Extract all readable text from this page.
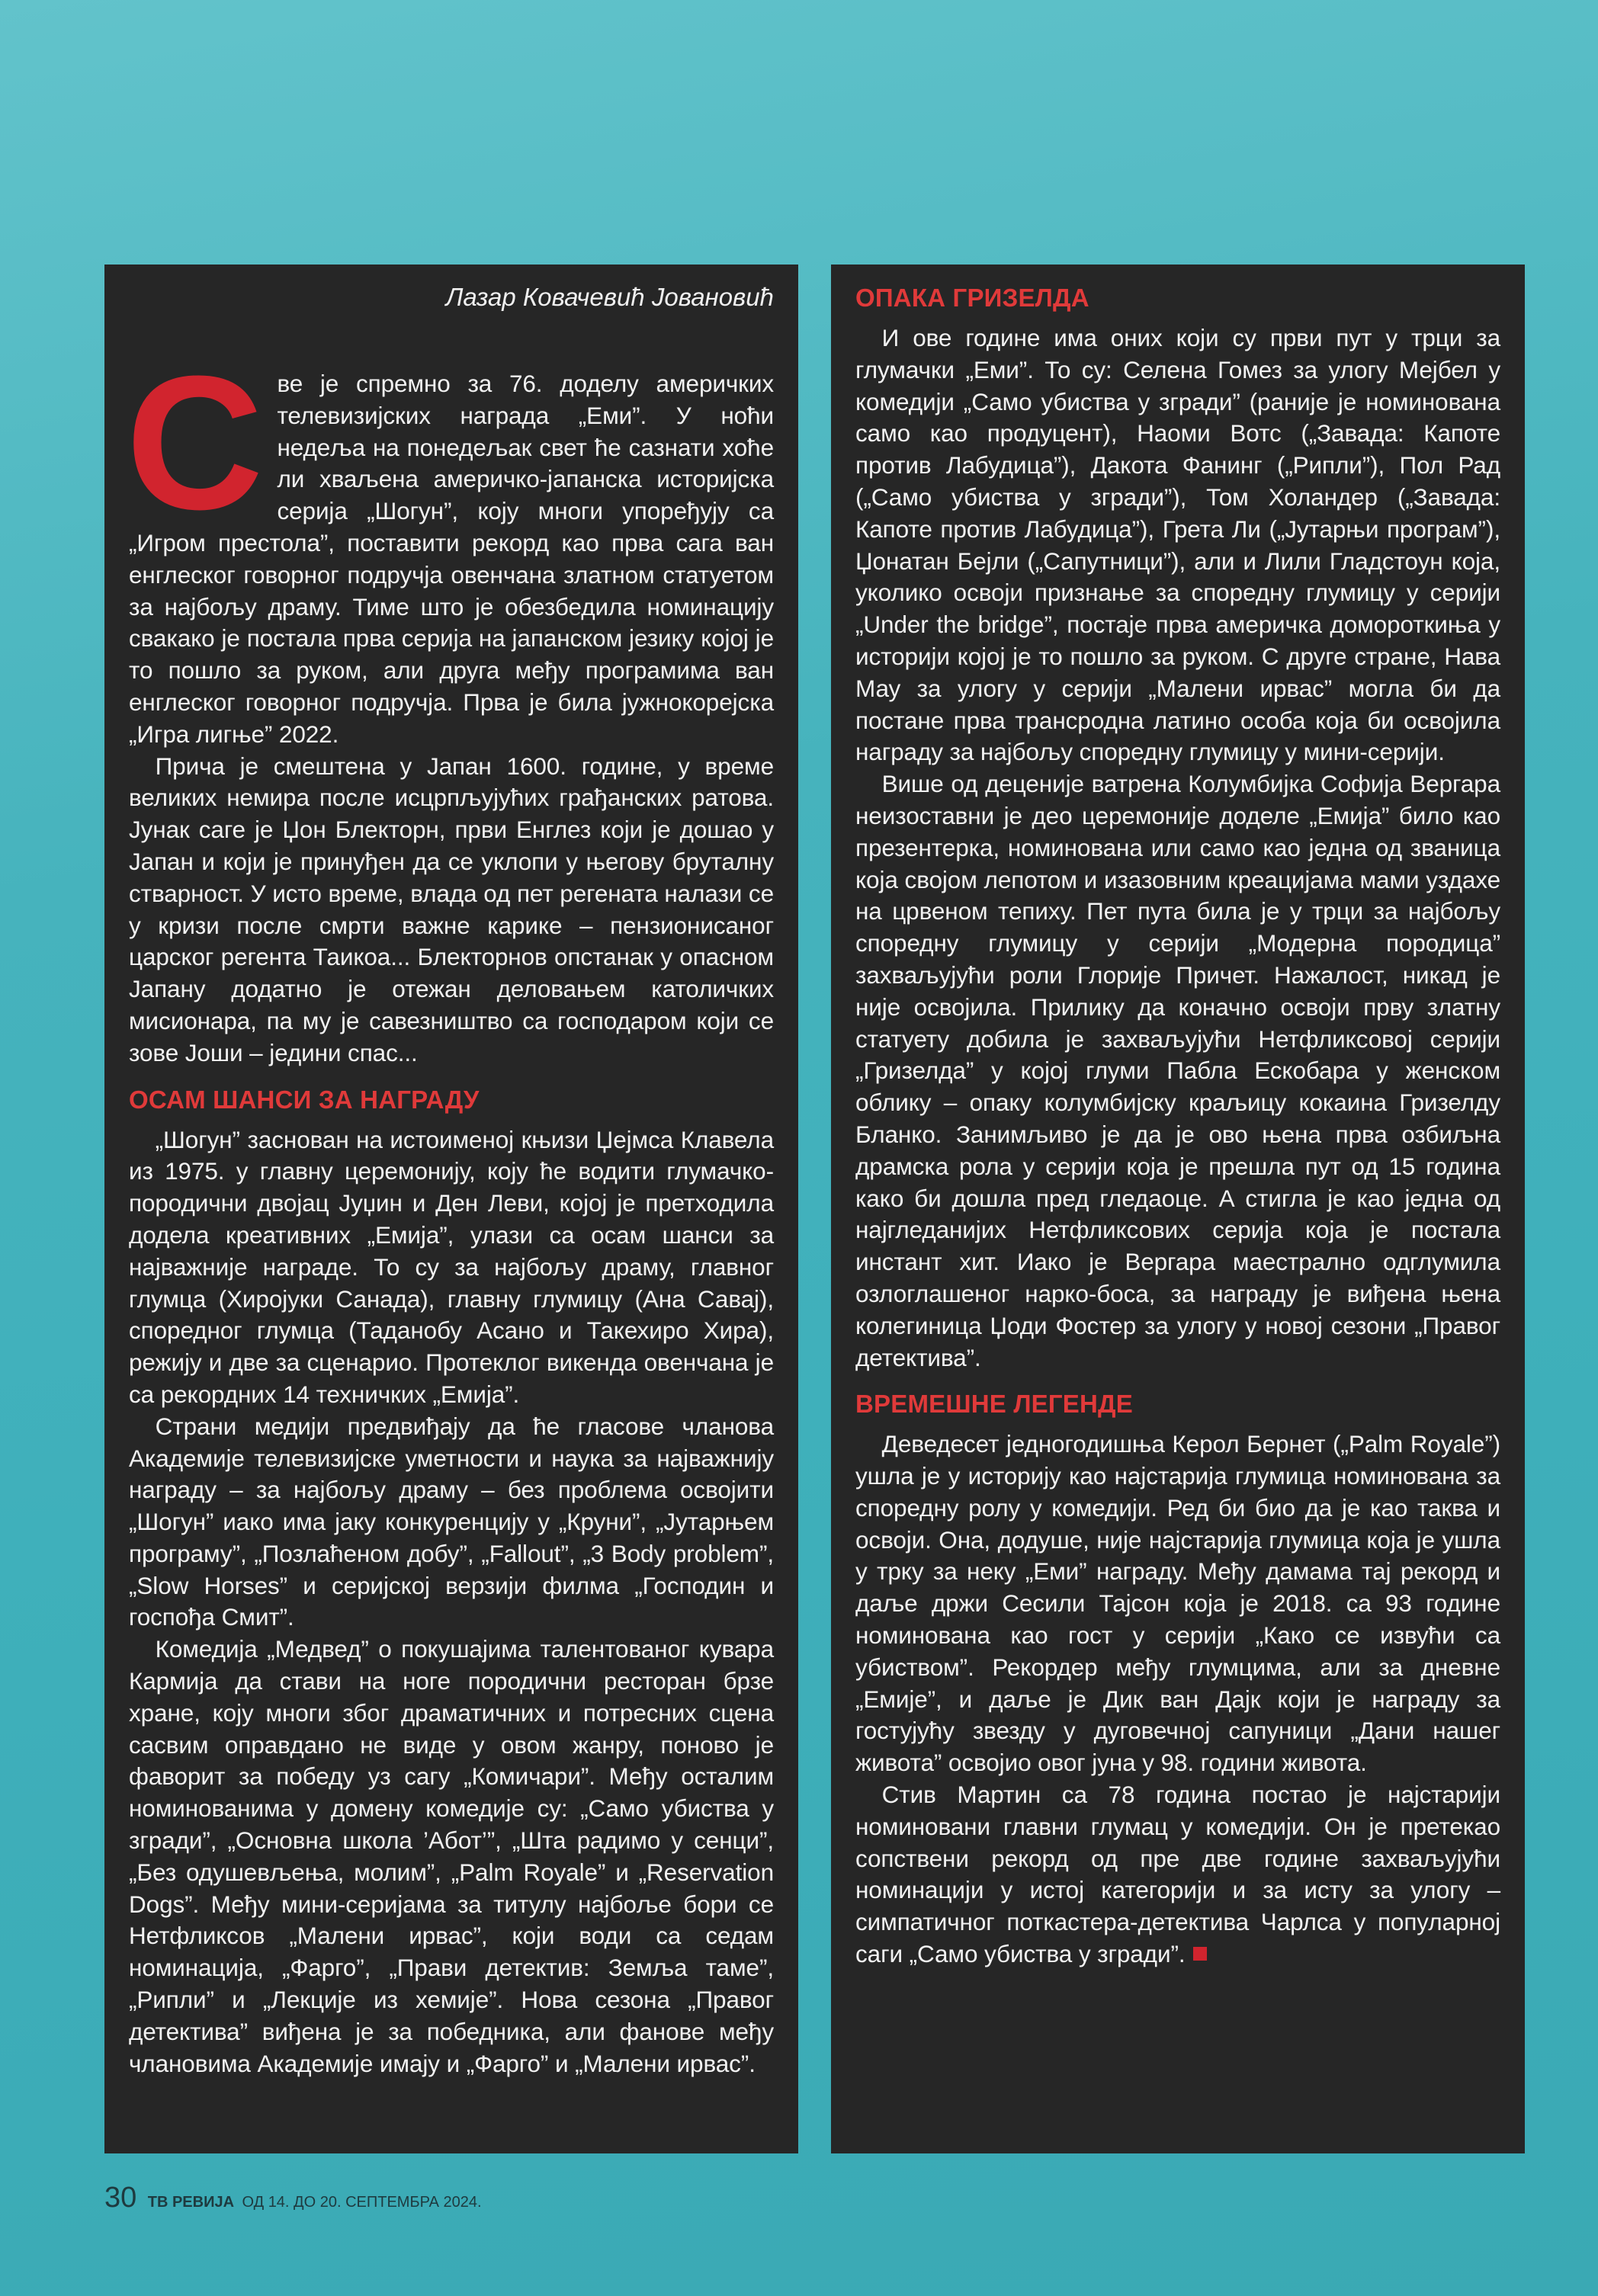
Лазар Ковачевић Јовановић

Све је спремно за 76. доделу америчких телевизијских награда „Еми”. У ноћи недеља на понедељак свет ће сазнати хоће ли хваљена америчко-јапанска историјска серија „Шогун”, коју многи упоређују са „Игром престола”, поставити рекорд као прва сага ван енглеског говорног подручја овенчана златном статуетом за најбољу драму. Тиме што је обезбедила номинацију свакако је постала прва серија на јапанском језику којој је то пошло за руком, али друга међу програмима ван енглеског говорног подручја. Прва је била јужнокорејска „Игра лигње” 2022.

Прича је смештена у Јапан 1600. године, у време великих немира после исцрпљујућих грађанских ратова. Јунак саге је Џон Блекторн, први Енглез који је дошао у Јапан и који је принуђен да се уклопи у његову бруталну стварност. У исто време, влада од пет регената налази се у кризи после смрти важне карике – пензионисаног царског регента Таикоа... Блекторнов опстанак у опасном Јапану додатно је отежан деловањем католичких мисионара, па му је савезништво са господаром који се зове Јоши – једини спас...

ОСАМ ШАНСИ ЗА НАГРАДУ

„Шогун” заснован на истоименој књизи Џејмса Клавела из 1975. у главну церемонију, коју ће водити глумачко-породични двојац Јуџин и Ден Леви, којој је претходила додела креативних „Емија”, улази са осам шанси за најважније награде. То су за најбољу драму, главног глумца (Хиројуки Санада), главну глумицу (Ана Савај), споредног глумца (Таданобу Асано и Такехиро Хира), режију и две за сценарио. Протеклог викенда овенчана је са рекордних 14 техничких „Емија”.

Страни медији предвиђају да ће гласове чланова Академије телевизијске уметности и наука за најважнију награду – за најбољу драму – без проблема освојити „Шогун” иако има јаку конкуренцију у „Круни”, „Јутарњем програму”, „Позлаћеном добу”, „Fallout”, „3 Body problem”, „Slow Horses” и серијској верзији филма „Господин и госпођа Смит”.

Комедија „Медвед” о покушајима талентованог кувара Кармија да стави на ноге породични ресторан брзе хране, коју многи због драматичних и потресних сцена сасвим оправдано не виде у овом жанру, поново је фаворит за победу уз сагу „Комичари”. Међу осталим номинованима у домену комедије су: „Само убиства у згради”, „Основна школа ’Абот’”, „Шта радимо у сенци”, „Без одушевљења, молим”, „Palm Royale” и „Reservation Dogs”. Међу мини-серијама за титулу најбоље бори се Нетфликсов „Малени ирвас”, који води са седам номинација, „Фарго”, „Прави детектив: Земља таме”, „Рипли” и „Лекције из хемије”. Нова сезона „Правог детектива” виђена је за победника, али фанове међу члановима Академије имају и „Фарго” и „Малени ирвас”.

ОПАКА ГРИЗЕЛДА

И ове године има оних који су први пут у трци за глумачки „Еми”. То су: Селена Гомез за улогу Мејбел у комедији „Само убиства у згради” (раније је номинована само као продуцент), Наоми Вотс („Завада: Капоте против Лабудица”), Дакота Фанинг („Рипли”), Пол Рад („Само убиства у згради”), Том Холандер („Завада: Капоте против Лабудица”), Грета Ли („Јутарњи програм”), Џонатан Бејли („Сапутници”), али и Лили Гладстоун која, уколико освоји признање за споредну глумицу у серији „Under the bridge”, постаје прва америчка домороткиња у историји којој је то пошло за руком. С друге стране, Нава Мау за улогу у серији „Малени ирвас” могла би да постане прва трансродна латино особа која би освојила награду за најбољу споредну глумицу у мини-серији.

Више од деценије ватрена Колумбијка Софија Вергара неизоставни је део церемоније доделе „Емија” било као презентерка, номинована или само као једна од званица која својом лепотом и изазовним креацијама мами уздахе на црвеном тепиху. Пет пута била је у трци за најбољу споредну глумицу у серији „Модерна породица” захваљујући роли Глорије Причет. Нажалост, никад је није освојила. Прилику да коначно освоји прву златну статуету добила је захваљујући Нетфликсовој серији „Гризелда” у којој глуми Пабла Ескобара у женском облику – опаку колумбијску краљицу кокаина Гризелду Бланко. Занимљиво је да је ово њена прва озбиљна драмска рола у серији која је прешла пут од 15 година како би дошла пред гледаоце. А стигла је као једна од најгледанијих Нетфликсових серија која је постала инстант хит. Иако је Вергара маестрално одглумила озлоглашеног нарко-боса, за награду је виђена њена колегиница Џоди Фостер за улогу у новој сезони „Правог детектива”.

ВРЕМЕШНЕ ЛЕГЕНДЕ

Деведесет једногодишња Керол Бернет („Palm Royale”) ушла је у историју као најстарија глумица номинована за споредну ролу у комедији. Ред би био да је као таква и освоји. Она, додуше, није најстарија глумица која је ушла у трку за неку „Еми” награду. Међу дамама тај рекорд и даље држи Сесили Тајсон која је 2018. са 93 године номинована као гост у серији „Како се извући са убиством”. Рекордер међу глумцима, али за дневне „Емије”, и даље је Дик ван Дајк који је награду за гостујућу звезду у дуговечној сапуници „Дани нашег живота” освојио овог јуна у 98. години живота.

Стив Мартин са 78 година постао је најстарији номиновани главни глумац у комедији. Он је претекао сопствени рекорд од пре две године захваљујући номинацији у истој категорији и за исту за улогу – симпатичног поткастера-детектива Чарлса у популарној саги „Само убиства у згради”.

30 ТВ РЕВИЈА ОД 14. ДО 20. СЕПТЕМБРА 2024.
